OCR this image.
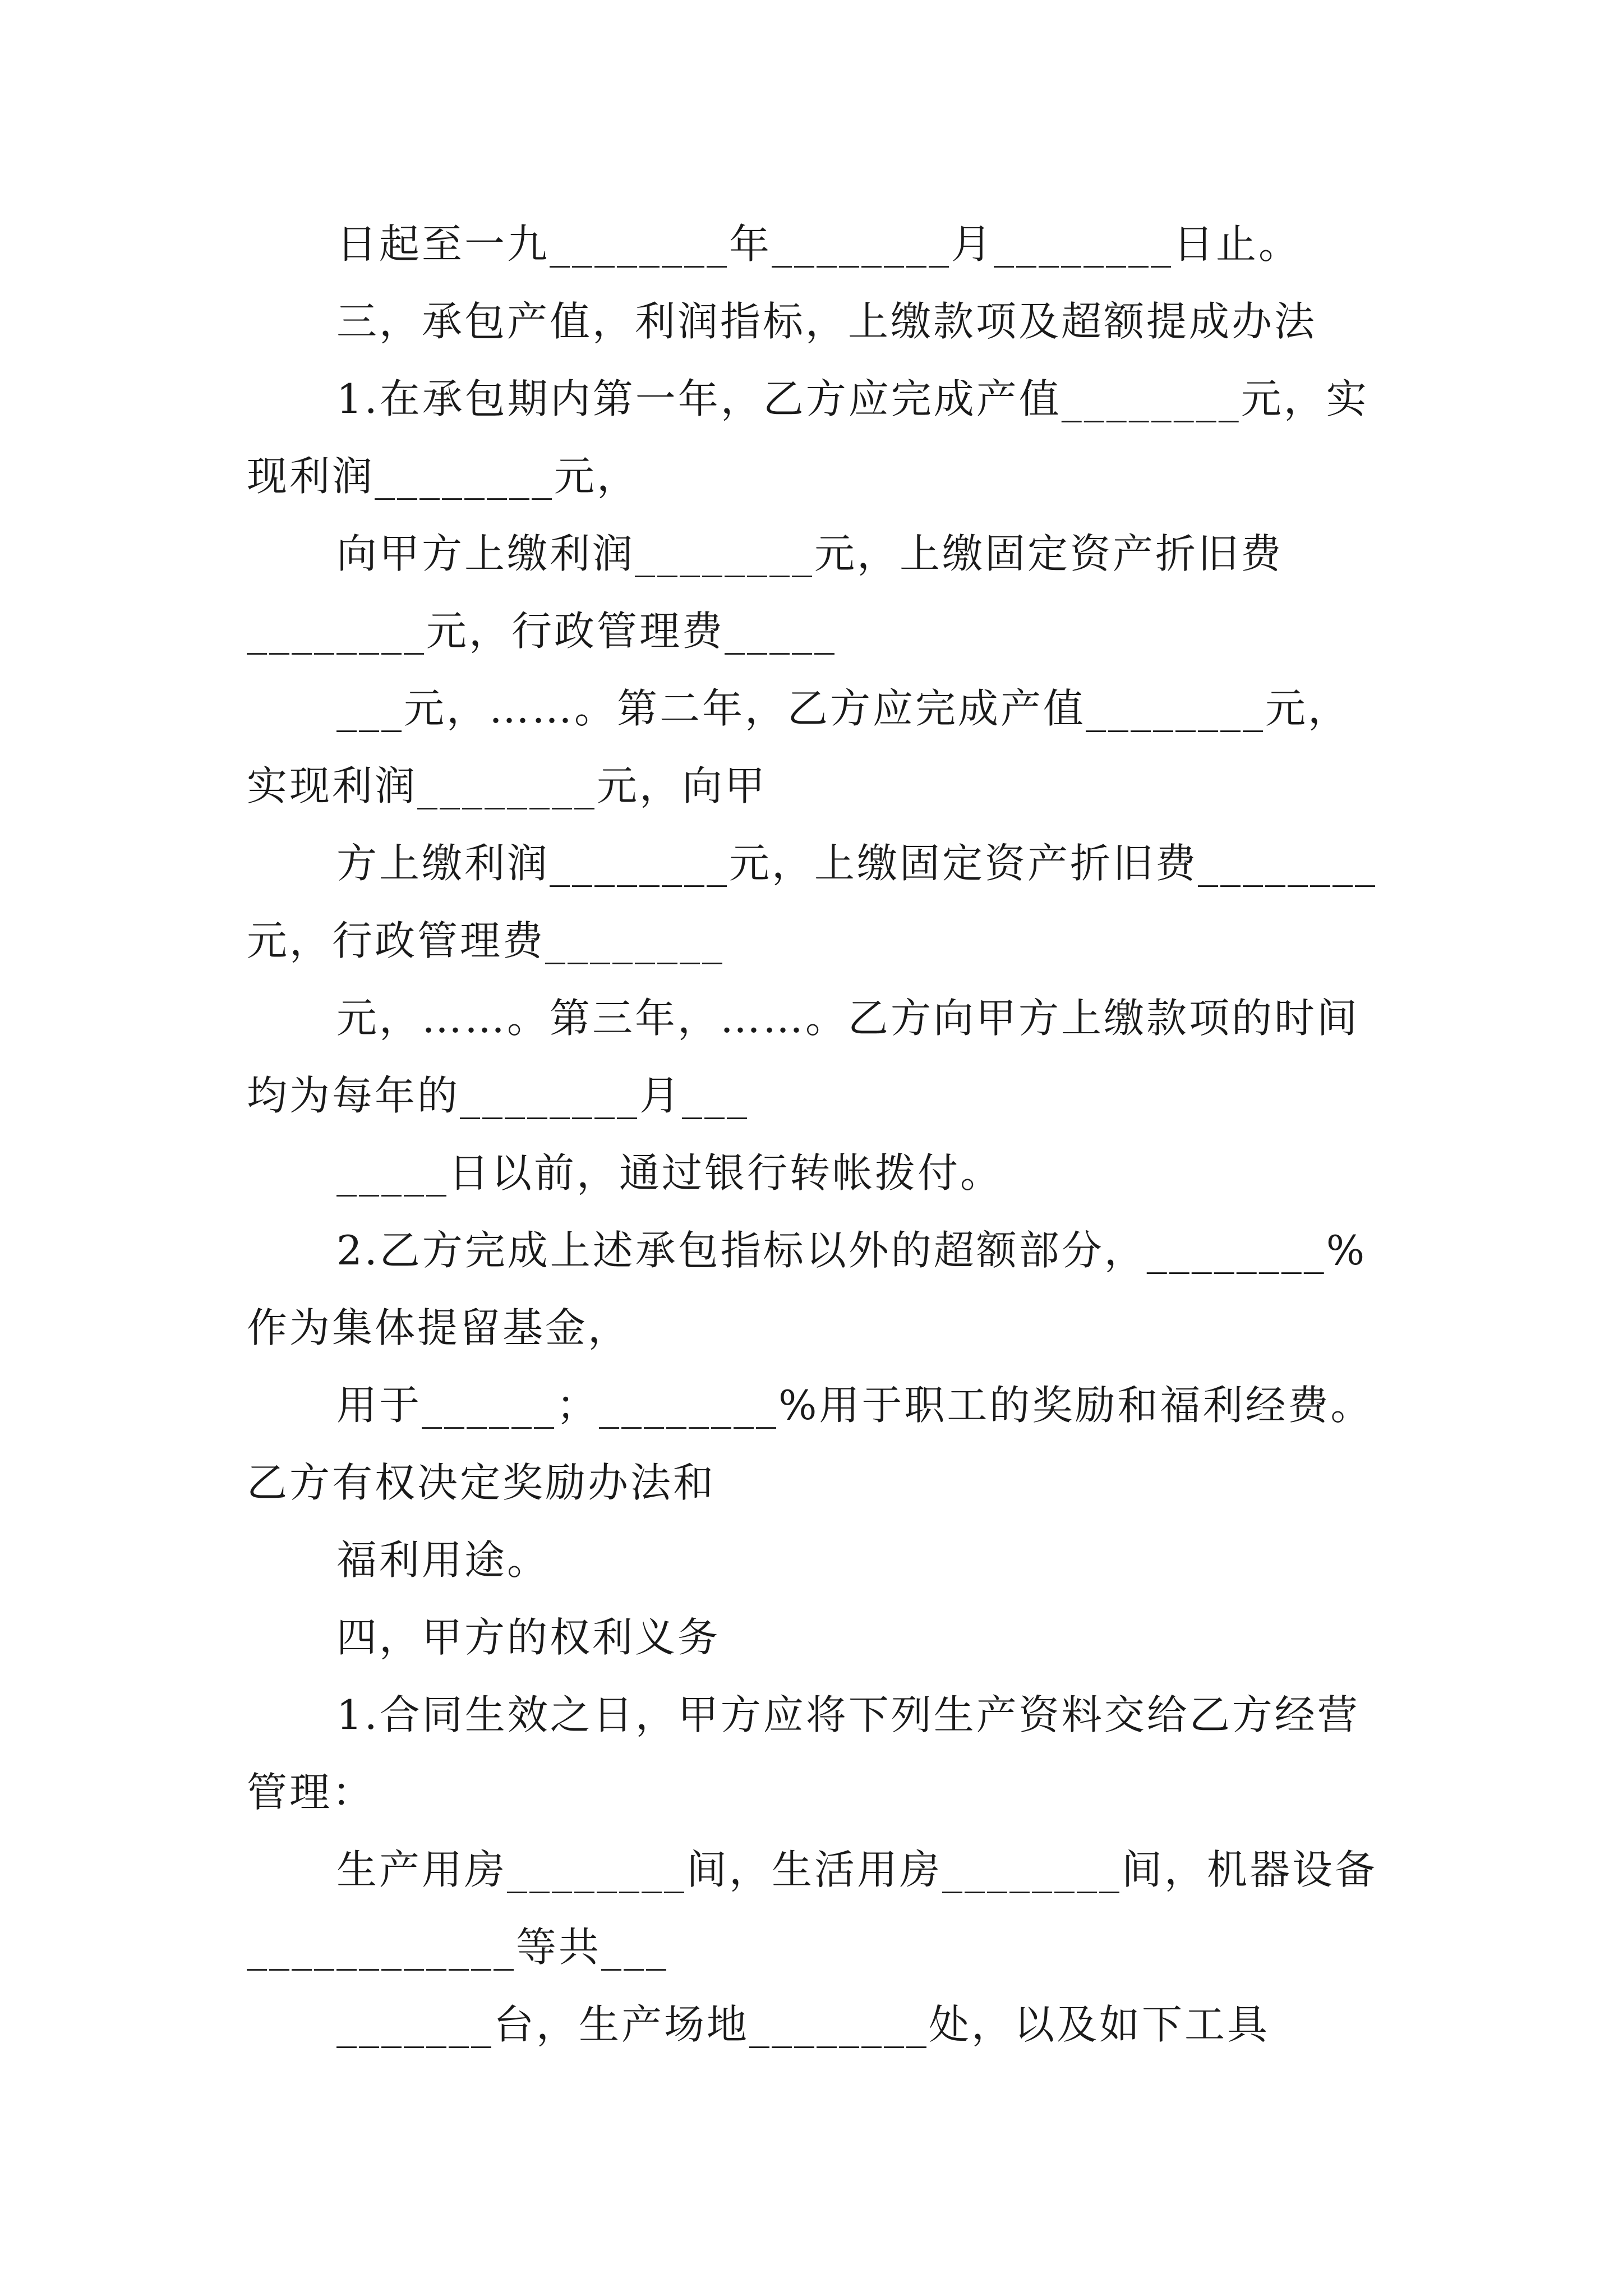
日起至一九________年________月________日止。
三，承包产值，利润指标，上缴款项及超额提成办法
1.在承包期内第一年，乙方应完成产值________元，实
现利润________元，
向甲方上缴利润________元，上缴固定资产折旧费
________元，行政管理费_____
___元，……。第二年，乙方应完成产值________元，
实现利润________元，向甲
方上缴利润________元，上缴固定资产折旧费________
元，行政管理费________
元，……。第三年，……。乙方向甲方上缴款项的时间
均为每年的________月___
_____日以前，通过银行转帐拨付。
2.乙方完成上述承包指标以外的超额部分，________%
作为集体提留基金，
用于______；________%用于职工的奖励和福利经费。
乙方有权决定奖励办法和
福利用途。
四，甲方的权利义务
1.合同生效之日，甲方应将下列生产资料交给乙方经营
管理：
生产用房________间，生活用房________间，机器设备
____________等共___
_______台，生产场地________处，以及如下工具
